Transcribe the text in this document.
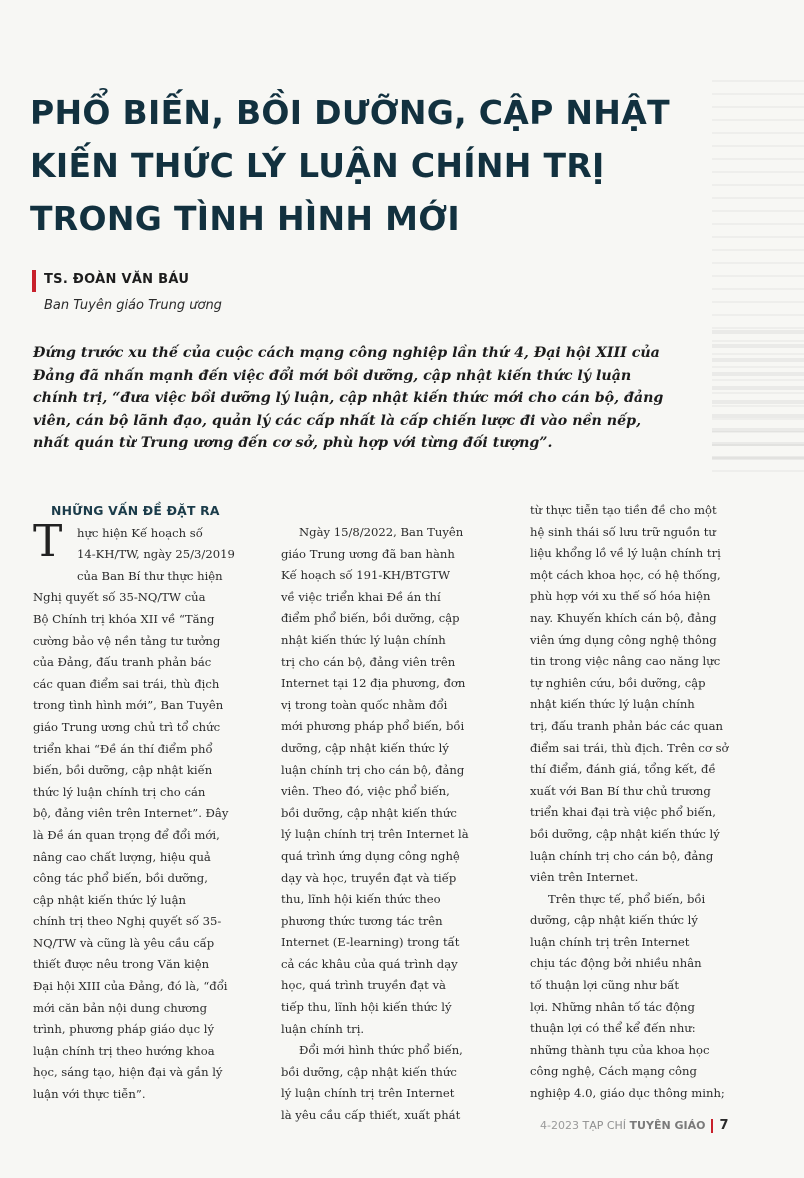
PHỔ BIẾN, BỒI DƯỠNG, CẬP NHẬT
KIẾN THỨC LÝ LUẬN CHÍNH TRỊ
TRONG TÌNH HÌNH MỚI
TS. ĐOÀN VĂN BÁU
Ban Tuyên giáo Trung ương
Đứng trước xu thế của cuộc cách mạng công nghiệp lần thứ 4, Đại hội XIII của
Đảng đã nhấn mạnh đến việc đổi mới bồi dưỡng, cập nhật kiến thức lý luận
chính trị, “đưa việc bồi dưỡng lý luận, cập nhật kiến thức mới cho cán bộ, đảng
viên, cán bộ lãnh đạo, quản lý các cấp nhất là cấp chiến lược đi vào nền nếp,
nhất quán từ Trung ương đến cơ sở, phù hợp với từng đối tượng”.
T
NHỮNG VẤN ĐỀ ĐẶT RA
hực hiện Kế hoạch số
14-KH/TW, ngày 25/3/2019
của Ban Bí thư thực hiện
Nghị quyết số 35-NQ/TW của
Bộ Chính trị khóa XII về “Tăng
cường bảo vệ nền tảng tư tưởng
của Đảng, đấu tranh phản bác
các quan điểm sai trái, thù địch
trong tình hình mới”, Ban Tuyên
giáo Trung ương chủ trì tổ chức
triển khai “Đề án thí điểm phổ
biến, bồi dưỡng, cập nhật kiến
thức lý luận chính trị cho cán
bộ, đảng viên trên Internet”. Đây
là Đề án quan trọng để đổi mới,
nâng cao chất lượng, hiệu quả
công tác phổ biến, bồi dưỡng,
cập nhật kiến thức lý luận
chính trị theo Nghị quyết số 35-
NQ/TW và cũng là yêu cầu cấp
thiết được nêu trong Văn kiện
Đại hội XIII của Đảng, đó là, “đổi
mới căn bản nội dung chương
trình, phương pháp giáo dục lý
luận chính trị theo hướng khoa
học, sáng tạo, hiện đại và gắn lý
luận với thực tiễn”.
Ngày 15/8/2022, Ban Tuyên
giáo Trung ương đã ban hành
Kế hoạch số 191-KH/BTGTW
về việc triển khai Đề án thí
điểm phổ biến, bồi dưỡng, cập
nhật kiến thức lý luận chính
trị cho cán bộ, đảng viên trên
Internet tại 12 địa phương, đơn
vị trong toàn quốc nhằm đổi
mới phương pháp phổ biến, bồi
dưỡng, cập nhật kiến thức lý
luận chính trị cho cán bộ, đảng
viên. Theo đó, việc phổ biến,
bồi dưỡng, cập nhật kiến thức
lý luận chính trị trên Internet là
quá trình ứng dụng công nghệ
dạy và học, truyền đạt và tiếp
thu, lĩnh hội kiến thức theo
phương thức tương tác trên
Internet (E-learning) trong tất
cả các khâu của quá trình dạy
học, quá trình truyền đạt và
tiếp thu, lĩnh hội kiến thức lý
luận chính trị.
Đổi mới hình thức phổ biến,
bồi dưỡng, cập nhật kiến thức
lý luận chính trị trên Internet
là yêu cầu cấp thiết, xuất phát
từ thực tiễn tạo tiền đề cho một
hệ sinh thái số lưu trữ nguồn tư
liệu khổng lồ về lý luận chính trị
một cách khoa học, có hệ thống,
phù hợp với xu thế số hóa hiện
nay. Khuyến khích cán bộ, đảng
viên ứng dụng công nghệ thông
tin trong việc nâng cao năng lực
tự nghiên cứu, bồi dưỡng, cập
nhật kiến thức lý luận chính
trị, đấu tranh phản bác các quan
điểm sai trái, thù địch. Trên cơ sở
thí điểm, đánh giá, tổng kết, đề
xuất với Ban Bí thư chủ trương
triển khai đại trà việc phổ biến,
bồi dưỡng, cập nhật kiến thức lý
luận chính trị cho cán bộ, đảng
viên trên Internet.
Trên thực tế, phổ biến, bồi
dưỡng, cập nhật kiến thức lý
luận chính trị trên Internet
chịu tác động bởi nhiều nhân
tố thuận lợi cũng như bất
lợi. Những nhân tố tác động
thuận lợi có thể kể đến như:
những thành tựu của khoa học
công nghệ, Cách mạng công
nghiệp 4.0, giáo dục thông minh;
4-2023 TẠP CHÍ TUYÊN GIÁO 7
